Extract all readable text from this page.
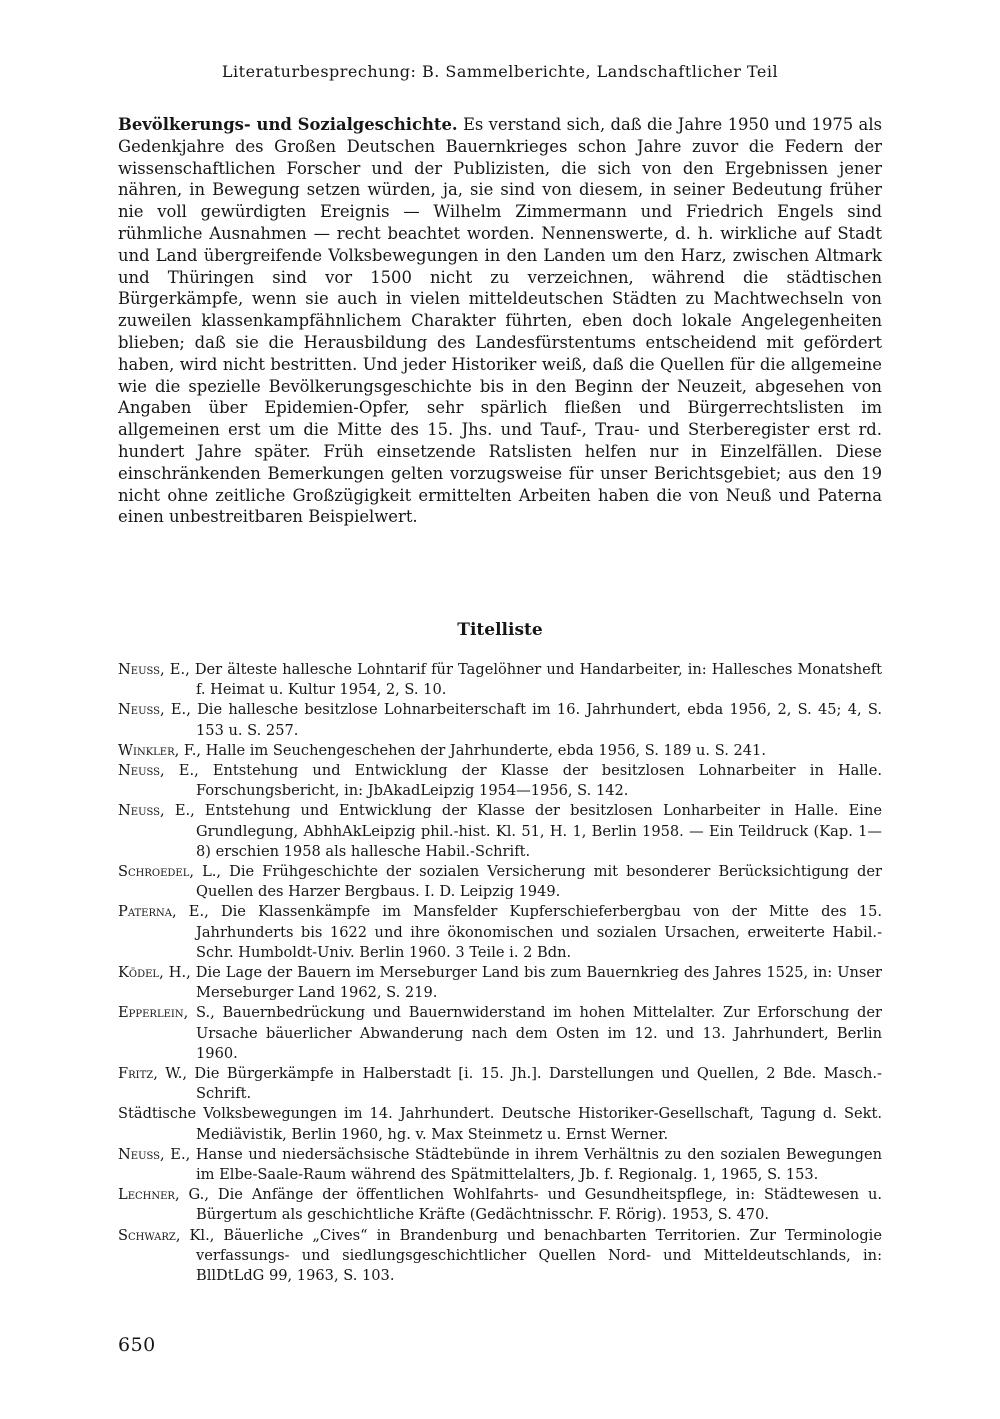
Literaturbesprechung: B. Sammelberichte, Landschaftlicher Teil

Bevölkerungs- und Sozialgeschichte. Es verstand sich, daß die Jahre 1950 und 1975 als Gedenkjahre des Großen Deutschen Bauernkrieges schon Jahre zuvor die Federn der wissenschaftlichen Forscher und der Publizisten, die sich von den Ergebnissen jener nähren, in Bewegung setzen würden, ja, sie sind von diesem, in seiner Bedeutung früher nie voll gewürdigten Ereignis — Wilhelm Zimmermann und Friedrich Engels sind rühmliche Ausnahmen — recht beachtet worden. Nennenswerte, d. h. wirkliche auf Stadt und Land übergreifende Volksbewegungen in den Landen um den Harz, zwischen Altmark und Thüringen sind vor 1500 nicht zu verzeichnen, während die städtischen Bürgerkämpfe, wenn sie auch in vielen mitteldeutschen Städten zu Machtwechseln von zuweilen klassenkampfähnlichem Charakter führten, eben doch lokale Angelegenheiten blieben; daß sie die Herausbildung des Landesfürstentums entscheidend mit gefördert haben, wird nicht bestritten. Und jeder Historiker weiß, daß die Quellen für die allgemeine wie die spezielle Bevölkerungsgeschichte bis in den Beginn der Neuzeit, abgesehen von Angaben über Epidemien-Opfer, sehr spärlich fließen und Bürgerrechtslisten im allgemeinen erst um die Mitte des 15. Jhs. und Tauf-, Trau- und Sterberegister erst rd. hundert Jahre später. Früh einsetzende Ratslisten helfen nur in Einzelfällen. Diese einschränkenden Bemerkungen gelten vorzugsweise für unser Berichtsgebiet; aus den 19 nicht ohne zeitliche Großzügigkeit ermittelten Arbeiten haben die von Neuß und Paterna einen unbestreitbaren Beispielwert.

Titelliste
Neuss, E., Der älteste hallesche Lohntarif für Tagelöhner und Handarbeiter, in: Hallesches Monatsheft f. Heimat u. Kultur 1954, 2, S. 10.
Neuss, E., Die hallesche besitzlose Lohnarbeiterschaft im 16. Jahrhundert, ebda 1956, 2, S. 45; 4, S. 153 u. S. 257.
Winkler, F., Halle im Seuchengeschehen der Jahrhunderte, ebda 1956, S. 189 u. S. 241.
Neuss, E., Entstehung und Entwicklung der Klasse der besitzlosen Lohnarbeiter in Halle. Forschungsbericht, in: JbAkadLeipzig 1954—1956, S. 142.
Neuss, E., Entstehung und Entwicklung der Klasse der besitzlosen Lonharbeiter in Halle. Eine Grundlegung, AbhhAkLeipzig phil.-hist. Kl. 51, H. 1, Berlin 1958. — Ein Teildruck (Kap. 1—8) erschien 1958 als hallesche Habil.-Schrift.
Schroedel, L., Die Frühgeschichte der sozialen Versicherung mit besonderer Berücksichtigung der Quellen des Harzer Bergbaus. I. D. Leipzig 1949.
Paterna, E., Die Klassenkämpfe im Mansfelder Kupferschieferbergbau von der Mitte des 15. Jahrhunderts bis 1622 und ihre ökonomischen und sozialen Ursachen, erweiterte Habil.-Schr. Humboldt-Univ. Berlin 1960. 3 Teile i. 2 Bdn.
Ködel, H., Die Lage der Bauern im Merseburger Land bis zum Bauernkrieg des Jahres 1525, in: Unser Merseburger Land 1962, S. 219.
Epperlein, S., Bauernbedrückung und Bauernwiderstand im hohen Mittelalter. Zur Erforschung der Ursache bäuerlicher Abwanderung nach dem Osten im 12. und 13. Jahrhundert, Berlin 1960.
Fritz, W., Die Bürgerkämpfe in Halberstadt [i. 15. Jh.]. Darstellungen und Quellen, 2 Bde. Masch.-Schrift.
Städtische Volksbewegungen im 14. Jahrhundert. Deutsche Historiker-Gesellschaft, Tagung d. Sekt. Mediävistik, Berlin 1960, hg. v. Max Steinmetz u. Ernst Werner.
Neuss, E., Hanse und niedersächsische Städtebünde in ihrem Verhältnis zu den sozialen Bewegungen im Elbe-Saale-Raum während des Spätmittelalters, Jb. f. Regionalg. 1, 1965, S. 153.
Lechner, G., Die Anfänge der öffentlichen Wohlfahrts- und Gesundheitspflege, in: Städtewesen u. Bürgertum als geschichtliche Kräfte (Gedächtnisschr. F. Rörig). 1953, S. 470.
Schwarz, Kl., Bäuerliche „Cives“ in Brandenburg und benachbarten Territorien. Zur Terminologie verfassungs- und siedlungsgeschichtlicher Quellen Nord- und Mitteldeutschlands, in: BllDtLdG 99, 1963, S. 103.
650
